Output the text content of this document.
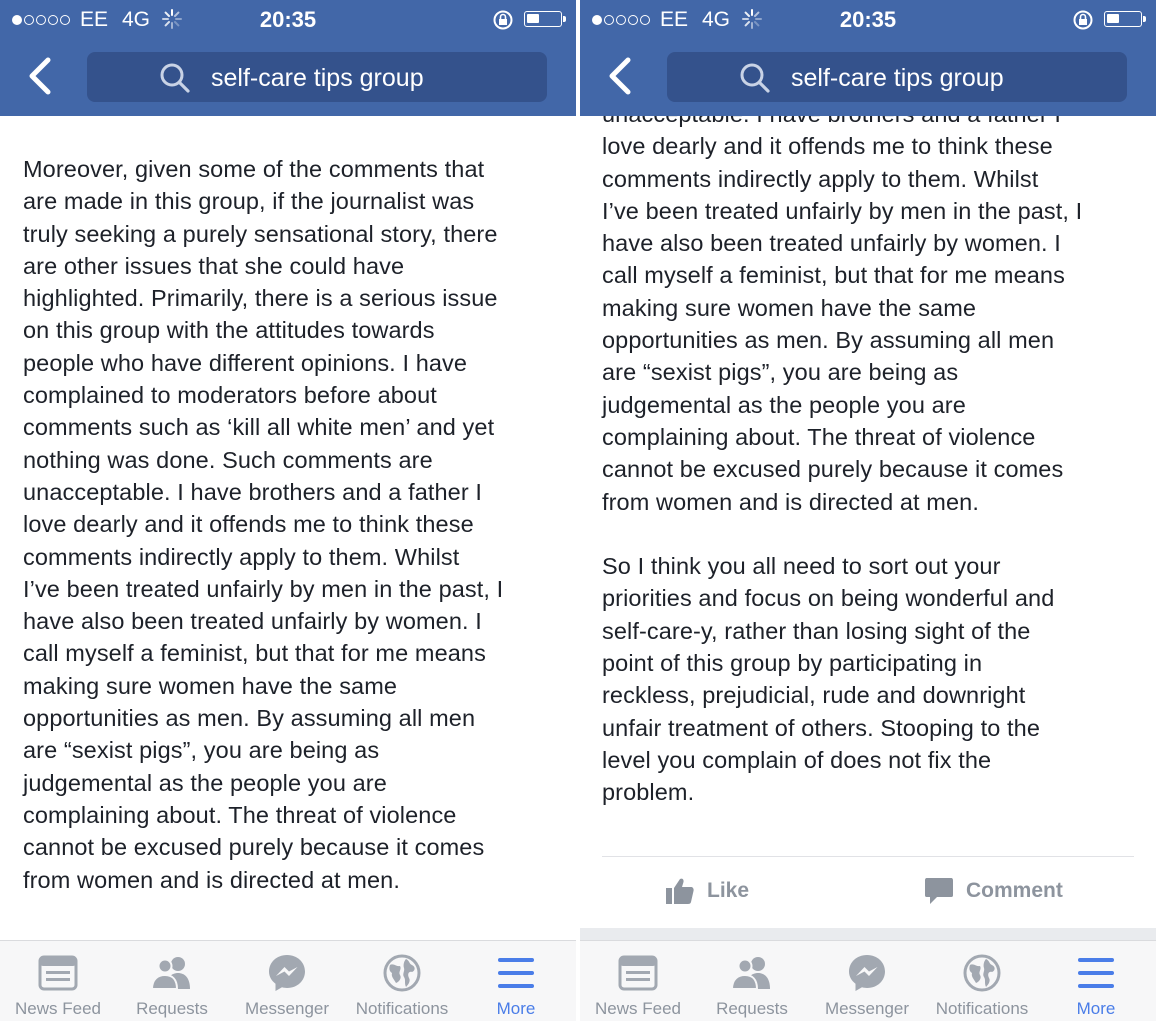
EE 4G	20:35
self-care tips group
Moreover, given some of the comments that
are made in this group, if the journalist was
truly seeking a purely sensational story, there
are other issues that she could have
highlighted. Primarily, there is a serious issue
on this group with the attitudes towards
people who have different opinions. I have
complained to moderators before about
comments such as ‘kill all white men’ and yet
nothing was done. Such comments are
unacceptable. I have brothers and a father I
love dearly and it offends me to think these
comments indirectly apply to them. Whilst
I’ve been treated unfairly by men in the past, I
have also been treated unfairly by women. I
call myself a feminist, but that for me means
making sure women have the same
opportunities as men. By assuming all men
are “sexist pigs”, you are being as
judgemental as the people you are
complaining about. The threat of violence
cannot be excused purely because it comes
from women and is directed at men.
News Feed	Requests	Messenger	Notifications	More
EE 4G	20:35
self-care tips group

love dearly and it offends me to think these
comments indirectly apply to them. Whilst
I’ve been treated unfairly by men in the past, I
have also been treated unfairly by women. I
call myself a feminist, but that for me means
making sure women have the same
opportunities as men. By assuming all men
are “sexist pigs”, you are being as
judgemental as the people you are
complaining about. The threat of violence
cannot be excused purely because it comes
from women and is directed at men.

So I think you all need to sort out your
priorities and focus on being wonderful and
self-care-y, rather than losing sight of the
point of this group by participating in
reckless, prejudicial, rude and downright
unfair treatment of others. Stooping to the
level you complain of does not fix the
problem.
Like	Comment
News Feed	Requests	Messenger	Notifications	More
